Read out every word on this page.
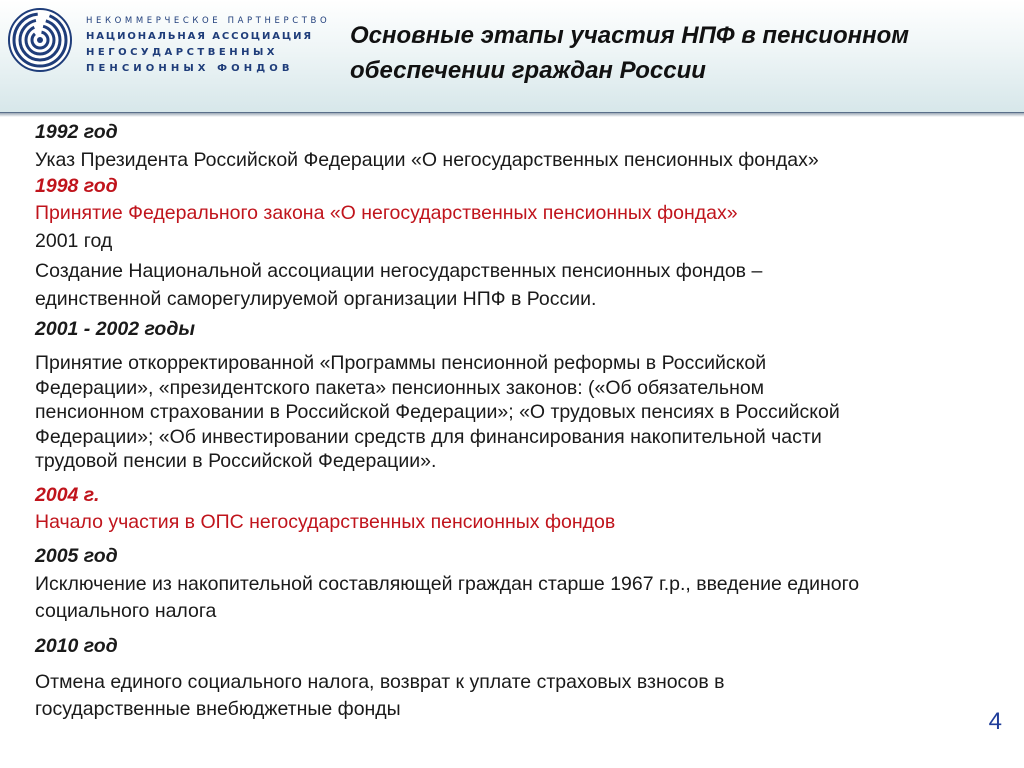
НЕКОММЕРЧЕСКОЕ ПАРТНЕРСТВО
НАЦИОНАЛЬНАЯ АССОЦИАЦИЯ
НЕГОСУДАРСТВЕННЫХ
ПЕНСИОННЫХ ФОНДОВ
Основные этапы участия НПФ в пенсионном
обеспечении граждан России
1992 год
Указ Президента Российской Федерации «О негосударственных пенсионных фондах»
1998 год
Принятие Федерального закона «О негосударственных пенсионных фондах»
2001 год
Создание Национальной ассоциации негосударственных пенсионных фондов –
единственной саморегулируемой организации НПФ в России.
2001 - 2002 годы
Принятие откорректированной «Программы пенсионной реформы в Российской
Федерации», «президентского пакета» пенсионных законов: («Об обязательном
пенсионном страховании в Российской Федерации»; «О трудовых пенсиях в Российской
Федерации»; «Об инвестировании средств для финансирования накопительной части
трудовой пенсии в Российской Федерации».
2004 г.
Начало участия в ОПС негосударственных пенсионных фондов
2005 год
Исключение из накопительной составляющей граждан старше 1967 г.р., введение единого
социального налога
2010 год
Отмена единого социального налога, возврат к уплате страховых взносов в
государственные внебюджетные фонды	4
